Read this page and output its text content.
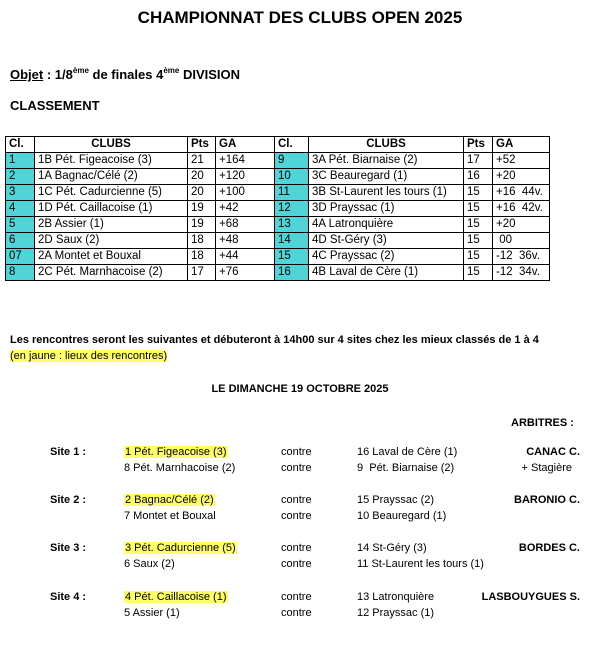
CHAMPIONNAT DES CLUBS OPEN 2025
Objet : 1/8ème de finales 4ème DIVISION
CLASSEMENT
Cl.	CLUBS	Pts	GA	Cl.	CLUBS	Pts	GA
1	1B Pét. Figeacoise (3)	21	+164	9	3A Pét. Biarnaise (2)	17	+52
2	1A Bagnac/Célé (2)	20	+120	10	3C Beauregard (1)	16	+20
3	1C Pét. Cadurcienne (5)	20	+100	11	3B St-Laurent les tours (1)	15	+16  44v.
4	1D Pét. Caillacoise (1)	19	+42	12	3D Prayssac (1)	15	+16  42v.
5	2B Assier (1)	19	+68	13	4A Latronquière	15	+20
6	2D Saux (2)	18	+48	14	4D St-Géry (3)	15	00
07	2A Montet et Bouxal	18	+44	15	4C Prayssac (2)	15	-12  36v.
8	2C Pét. Marnhacoise (2)	17	+76	16	4B Laval de Cère (1)	15	-12  34v.
Les rencontres seront les suivantes et débuteront à 14h00 sur 4 sites chez les mieux classés de 1 à 4
(en jaune : lieux des rencontres)
LE DIMANCHE 19 OCTOBRE 2025
ARBITRES :
Site 1 :	1 Pét. Figeacoise (3)	contre	16 Laval de Cère (1)	CANAC C.
8 Pét. Marnhacoise (2)	contre	9  Pét. Biarnaise (2)	+ Stagière
Site 2 :	2 Bagnac/Célé (2)	contre	15 Prayssac (2)	BARONIO C.
7 Montet et Bouxal	contre	10 Beauregard (1)
Site 3 :	3 Pét. Cadurcienne (5)	contre	14 St-Géry (3)	BORDES C.
6 Saux (2)	contre	11 St-Laurent les tours (1)
Site 4 :	4 Pét. Caillacoise (1)	contre	13 Latronquière	LASBOUYGUES S.
5 Assier (1)	contre	12 Prayssac (1)
